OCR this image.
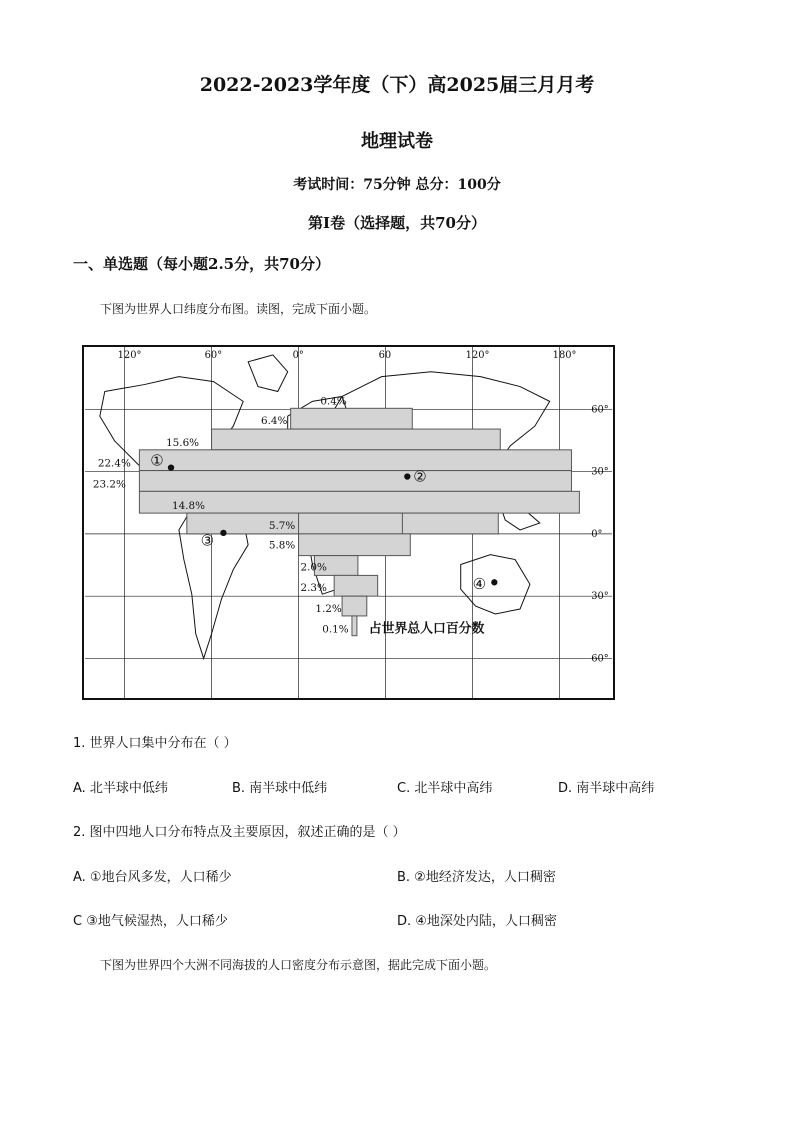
2022-2023学年度（下）高2025届三月月考
地理试卷
考试时间：75分钟 总分：100分
第I卷（选择题，共70分）
一、单选题（每小题2.5分，共70分）
下图为世界人口纬度分布图。读图，完成下面小题。
0.4%
6.4%
15.6%
22.4%
23.2%
14.8%
5.7%
5.8%
2.0%
2.3%
1.2%
0.1%
120°	60°	0°	60	120°	180°
60°
30°
0°
30°
60°
①
②
③
④
占世界总人口百分数
1. 世界人口集中分布在（ ）
A. 北半球中低纬	B. 南半球中低纬	C. 北半球中高纬	D. 南半球中高纬
2. 图中四地人口分布特点及主要原因，叙述正确的是（ ）
A. ①地台风多发，人口稀少	B. ②地经济发达，人口稠密
C ③地气候湿热，人口稀少	D. ④地深处内陆，人口稠密
下图为世界四个大洲不同海拔的人口密度分布示意图，据此完成下面小题。
